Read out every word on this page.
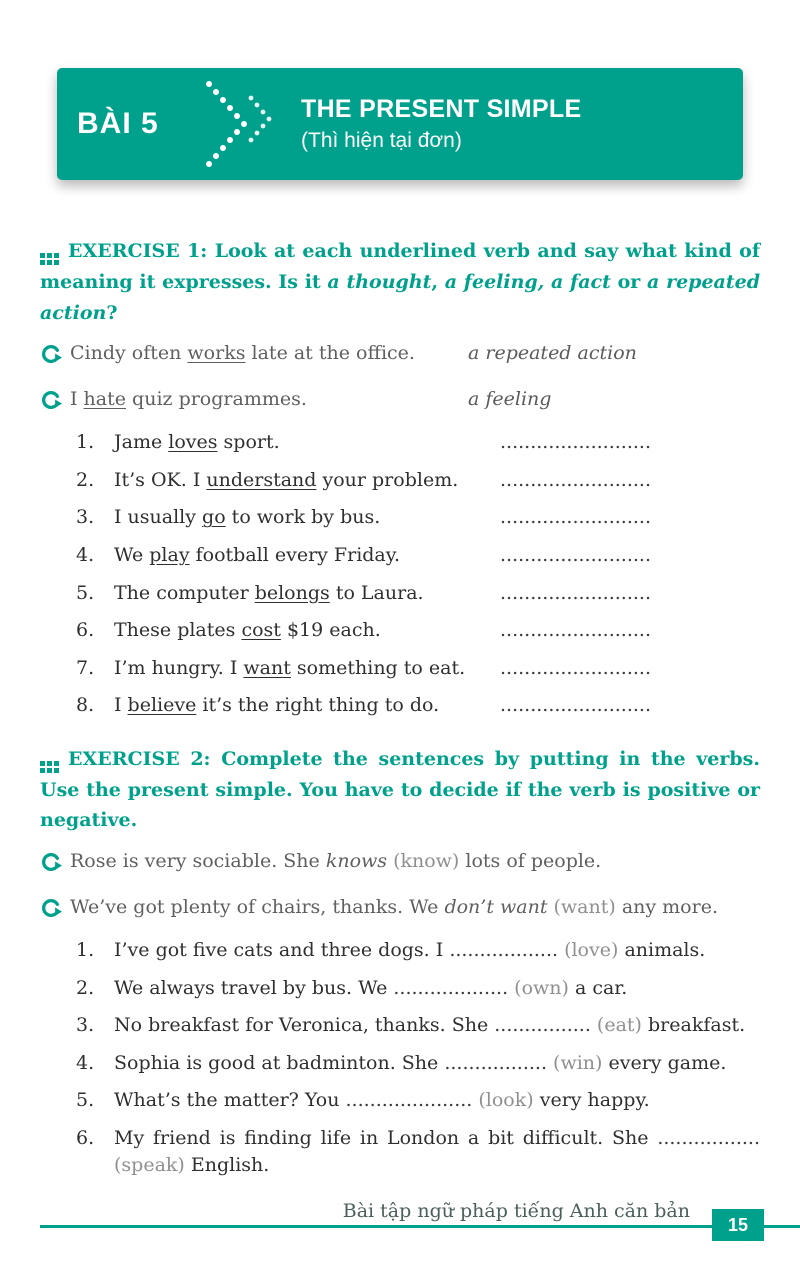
BÀI 5	THE PRESENT SIMPLE
(Thì hiện tại đơn)

EXERCISE 1: Look at each underlined verb and say what kind of meaning it expresses. Is it a thought, a feeling, a fact or a repeated action?

Cindy often works late at the office.	a repeated action
I hate quiz programmes.	a feeling
1.	Jame loves sport.	.........................
2.	It’s OK. I understand your problem.	.........................
3.	I usually go to work by bus.	.........................
4.	We play football every Friday.	.........................
5.	The computer belongs to Laura.	.........................
6.	These plates cost $19 each.	.........................
7.	I’m hungry. I want something to eat.	.........................
8.	I believe it’s the right thing to do.	.........................

EXERCISE 2: Complete the sentences by putting in the verbs. Use the present simple. You have to decide if the verb is positive or negative.

Rose is very sociable. She knows (know) lots of people.
We’ve got plenty of chairs, thanks. We don’t want (want) any more.
1.	I’ve got five cats and three dogs. I .................. (love) animals.
2.	We always travel by bus. We ................... (own) a car.
3.	No breakfast for Veronica, thanks. She ................ (eat) breakfast.
4.	Sophia is good at badminton. She ................. (win) every game.
5.	What’s the matter? You ..................... (look) very happy.
6.	My friend is finding life in London a bit difficult. She ................. (speak) English.
Bài tập ngữ pháp tiếng Anh căn bản
15
